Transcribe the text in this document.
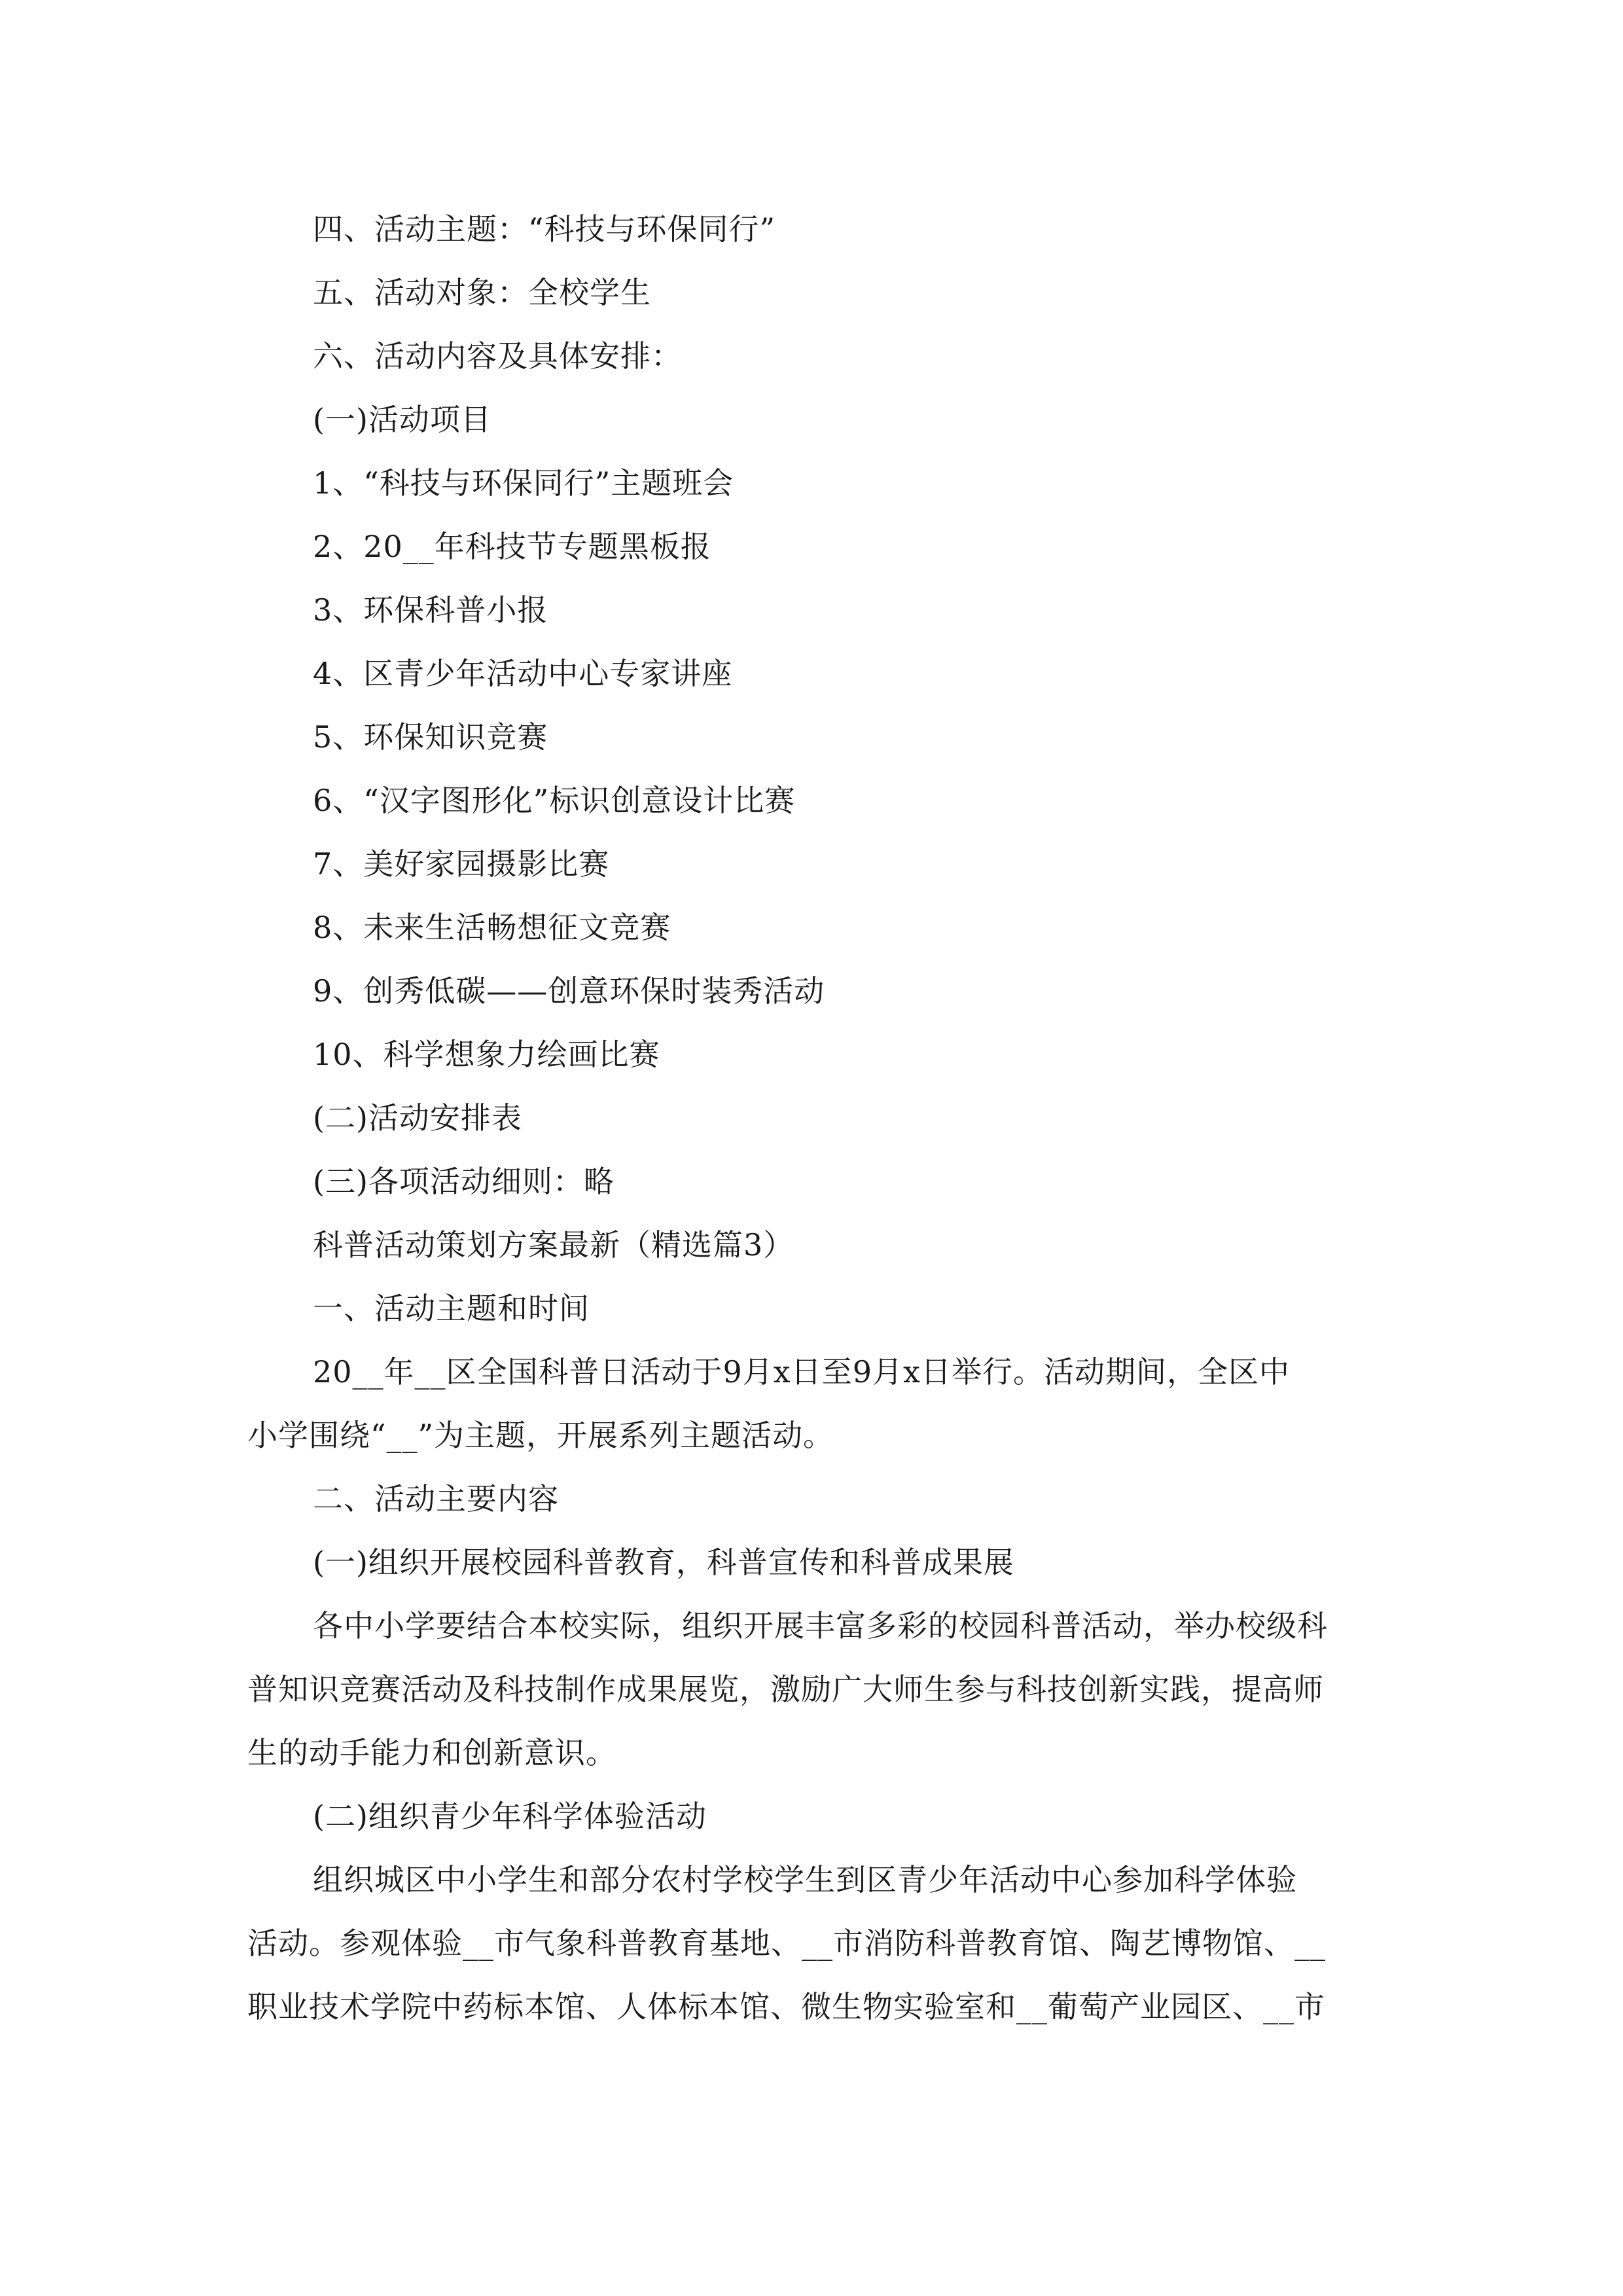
四、活动主题：“科技与环保同行”

五、活动对象：全校学生

六、活动内容及具体安排：

(一)活动项目

1、“科技与环保同行”主题班会

2、20__年科技节专题黑板报

3、环保科普小报

4、区青少年活动中心专家讲座

5、环保知识竞赛

6、“汉字图形化”标识创意设计比赛

7、美好家园摄影比赛

8、未来生活畅想征文竞赛

9、创秀低碳——创意环保时装秀活动

10、科学想象力绘画比赛

(二)活动安排表

(三)各项活动细则：略

科普活动策划方案最新（精选篇3）

一、活动主题和时间

20__年__区全国科普日活动于9月x日至9月x日举行。活动期间，全区中

小学围绕“__”为主题，开展系列主题活动。

二、活动主要内容

(一)组织开展校园科普教育，科普宣传和科普成果展

各中小学要结合本校实际，组织开展丰富多彩的校园科普活动，举办校级科

普知识竞赛活动及科技制作成果展览，激励广大师生参与科技创新实践，提高师

生的动手能力和创新意识。

(二)组织青少年科学体验活动

组织城区中小学生和部分农村学校学生到区青少年活动中心参加科学体验

活动。参观体验__市气象科普教育基地、__市消防科普教育馆、陶艺博物馆、__

职业技术学院中药标本馆、人体标本馆、微生物实验室和__葡萄产业园区、__市
